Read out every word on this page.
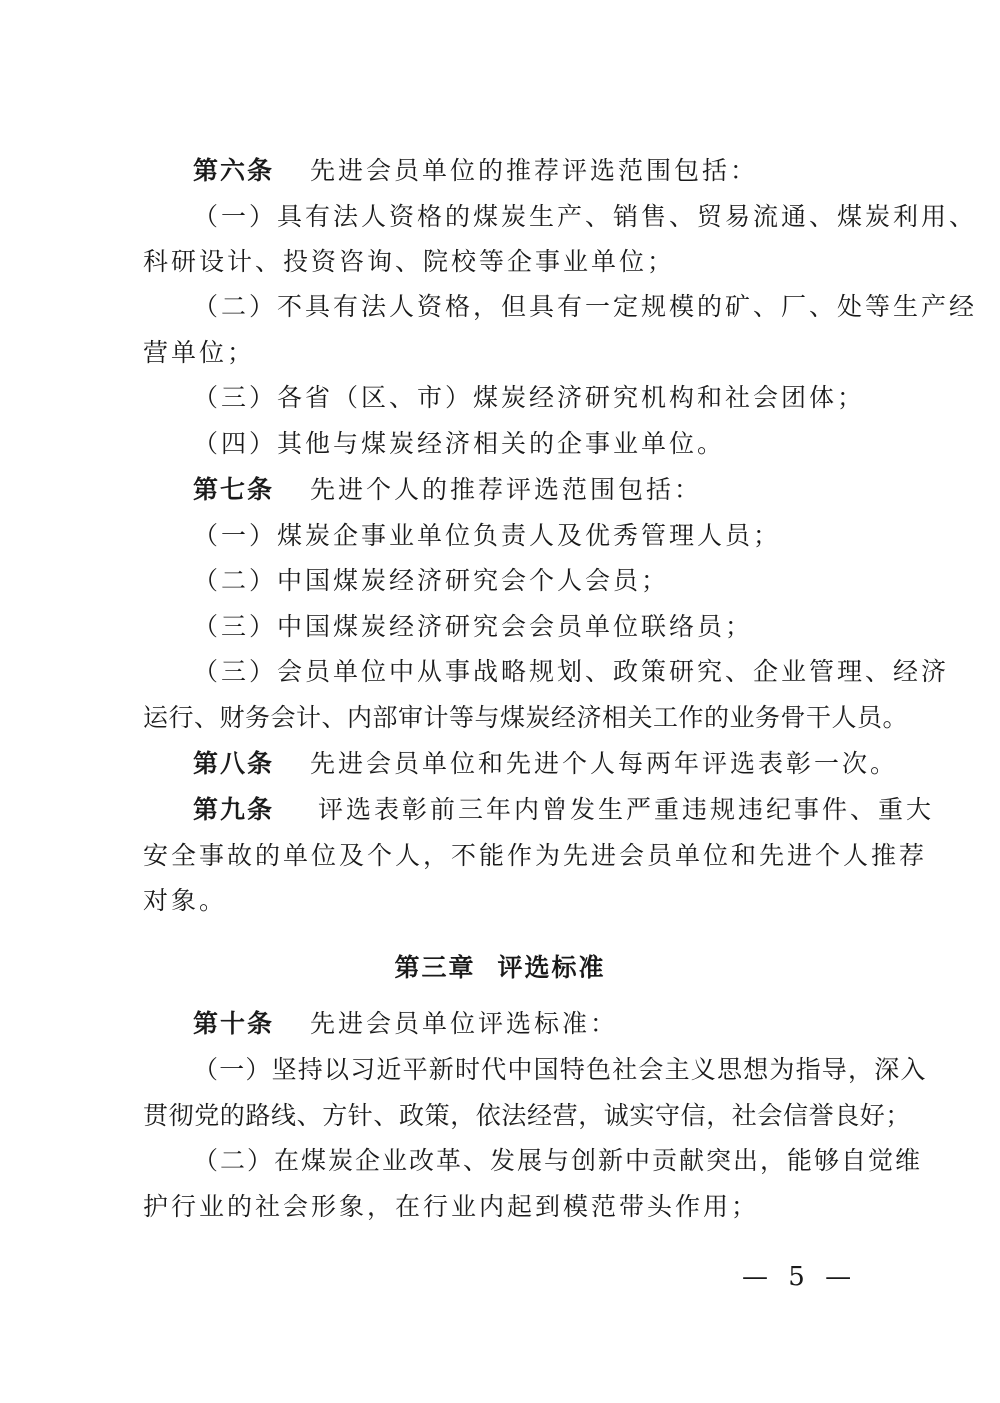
第六条 先进会员单位的推荐评选范围包括：
（一）具有法人资格的煤炭生产、销售、贸易流通、煤炭利用、
科研设计、投资咨询、院校等企事业单位；
（二）不具有法人资格，但具有一定规模的矿、厂、处等生产经
营单位；
（三）各省（区、市）煤炭经济研究机构和社会团体；
（四）其他与煤炭经济相关的企事业单位。
第七条 先进个人的推荐评选范围包括：
（一）煤炭企事业单位负责人及优秀管理人员；
（二）中国煤炭经济研究会个人会员；
（三）中国煤炭经济研究会会员单位联络员；
（三）会员单位中从事战略规划、政策研究、企业管理、经济
运行、财务会计、内部审计等与煤炭经济相关工作的业务骨干人员。
第八条 先进会员单位和先进个人每两年评选表彰一次。
第九条 评选表彰前三年内曾发生严重违规违纪事件、重大
安全事故的单位及个人，不能作为先进会员单位和先进个人推荐
对象。
第三章 评选标准
第十条 先进会员单位评选标准：
（一）坚持以习近平新时代中国特色社会主义思想为指导，深入
贯彻党的路线、方针、政策，依法经营，诚实守信，社会信誉良好；
（二）在煤炭企业改革、发展与创新中贡献突出，能够自觉维
护行业的社会形象，在行业内起到模范带头作用；
— 5 —
